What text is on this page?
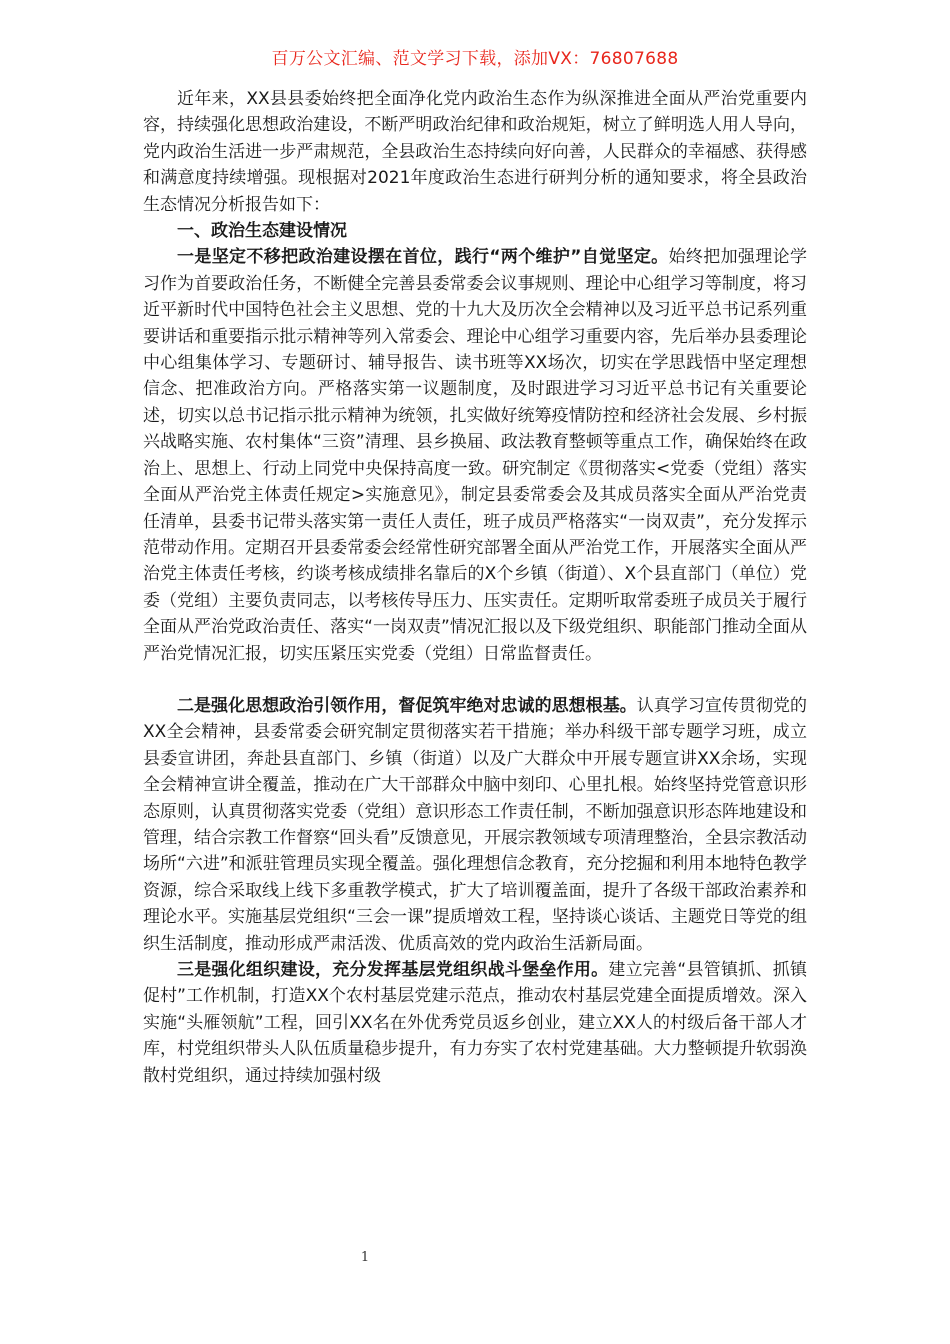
百万公文汇编、范文学习下载，添加VX：76807688

近年来，XX县县委始终把全面净化党内政治生态作为纵深推进全面从严治党重要内容，持续强化思想政治建设，不断严明政治纪律和政治规矩，树立了鲜明选人用人导向，党内政治生活进一步严肃规范，全县政治生态持续向好向善，人民群众的幸福感、获得感和满意度持续增强。现根据对2021年度政治生态进行研判分析的通知要求，将全县政治生态情况分析报告如下：

一、政治生态建设情况

一是坚定不移把政治建设摆在首位，践行“两个维护”自觉坚定。始终把加强理论学习作为首要政治任务，不断健全完善县委常委会议事规则、理论中心组学习等制度，将习近平新时代中国特色社会主义思想、党的十九大及历次全会精神以及习近平总书记系列重要讲话和重要指示批示精神等列入常委会、理论中心组学习重要内容，先后举办县委理论中心组集体学习、专题研讨、辅导报告、读书班等XX场次，切实在学思践悟中坚定理想信念、把准政治方向。严格落实第一议题制度，及时跟进学习习近平总书记有关重要论述，切实以总书记指示批示精神为统领，扎实做好统筹疫情防控和经济社会发展、乡村振兴战略实施、农村集体“三资”清理、县乡换届、政法教育整顿等重点工作，确保始终在政治上、思想上、行动上同党中央保持高度一致。研究制定《贯彻落实<党委（党组）落实全面从严治党主体责任规定>实施意见》，制定县委常委会及其成员落实全面从严治党责任清单，县委书记带头落实第一责任人责任，班子成员严格落实“一岗双责”，充分发挥示范带动作用。定期召开县委常委会经常性研究部署全面从严治党工作，开展落实全面从严治党主体责任考核，约谈考核成绩排名靠后的X个乡镇（街道）、X个县直部门（单位）党委（党组）主要负责同志，以考核传导压力、压实责任。定期听取常委班子成员关于履行全面从严治党政治责任、落实“一岗双责”情况汇报以及下级党组织、职能部门推动全面从严治党情况汇报，切实压紧压实党委（党组）日常监督责任。

二是强化思想政治引领作用，督促筑牢绝对忠诚的思想根基。认真学习宣传贯彻党的XX全会精神，县委常委会研究制定贯彻落实若干措施；举办科级干部专题学习班，成立县委宣讲团，奔赴县直部门、乡镇（街道）以及广大群众中开展专题宣讲XX余场，实现全会精神宣讲全覆盖，推动在广大干部群众中脑中刻印、心里扎根。始终坚持党管意识形态原则，认真贯彻落实党委（党组）意识形态工作责任制，不断加强意识形态阵地建设和管理，结合宗教工作督察“回头看”反馈意见，开展宗教领域专项清理整治，全县宗教活动场所“六进”和派驻管理员实现全覆盖。强化理想信念教育，充分挖掘和利用本地特色教学资源，综合采取线上线下多重教学模式，扩大了培训覆盖面，提升了各级干部政治素养和理论水平。实施基层党组织“三会一课”提质增效工程，坚持谈心谈话、主题党日等党的组织生活制度，推动形成严肃活泼、优质高效的党内政治生活新局面。

三是强化组织建设，充分发挥基层党组织战斗堡垒作用。建立完善“县管镇抓、抓镇促村”工作机制，打造XX个农村基层党建示范点，推动农村基层党建全面提质增效。深入实施“头雁领航”工程，回引XX名在外优秀党员返乡创业，建立XX人的村级后备干部人才库，村党组织带头人队伍质量稳步提升，有力夯实了农村党建基础。大力整顿提升软弱涣散村党组织，通过持续加强村级

1
